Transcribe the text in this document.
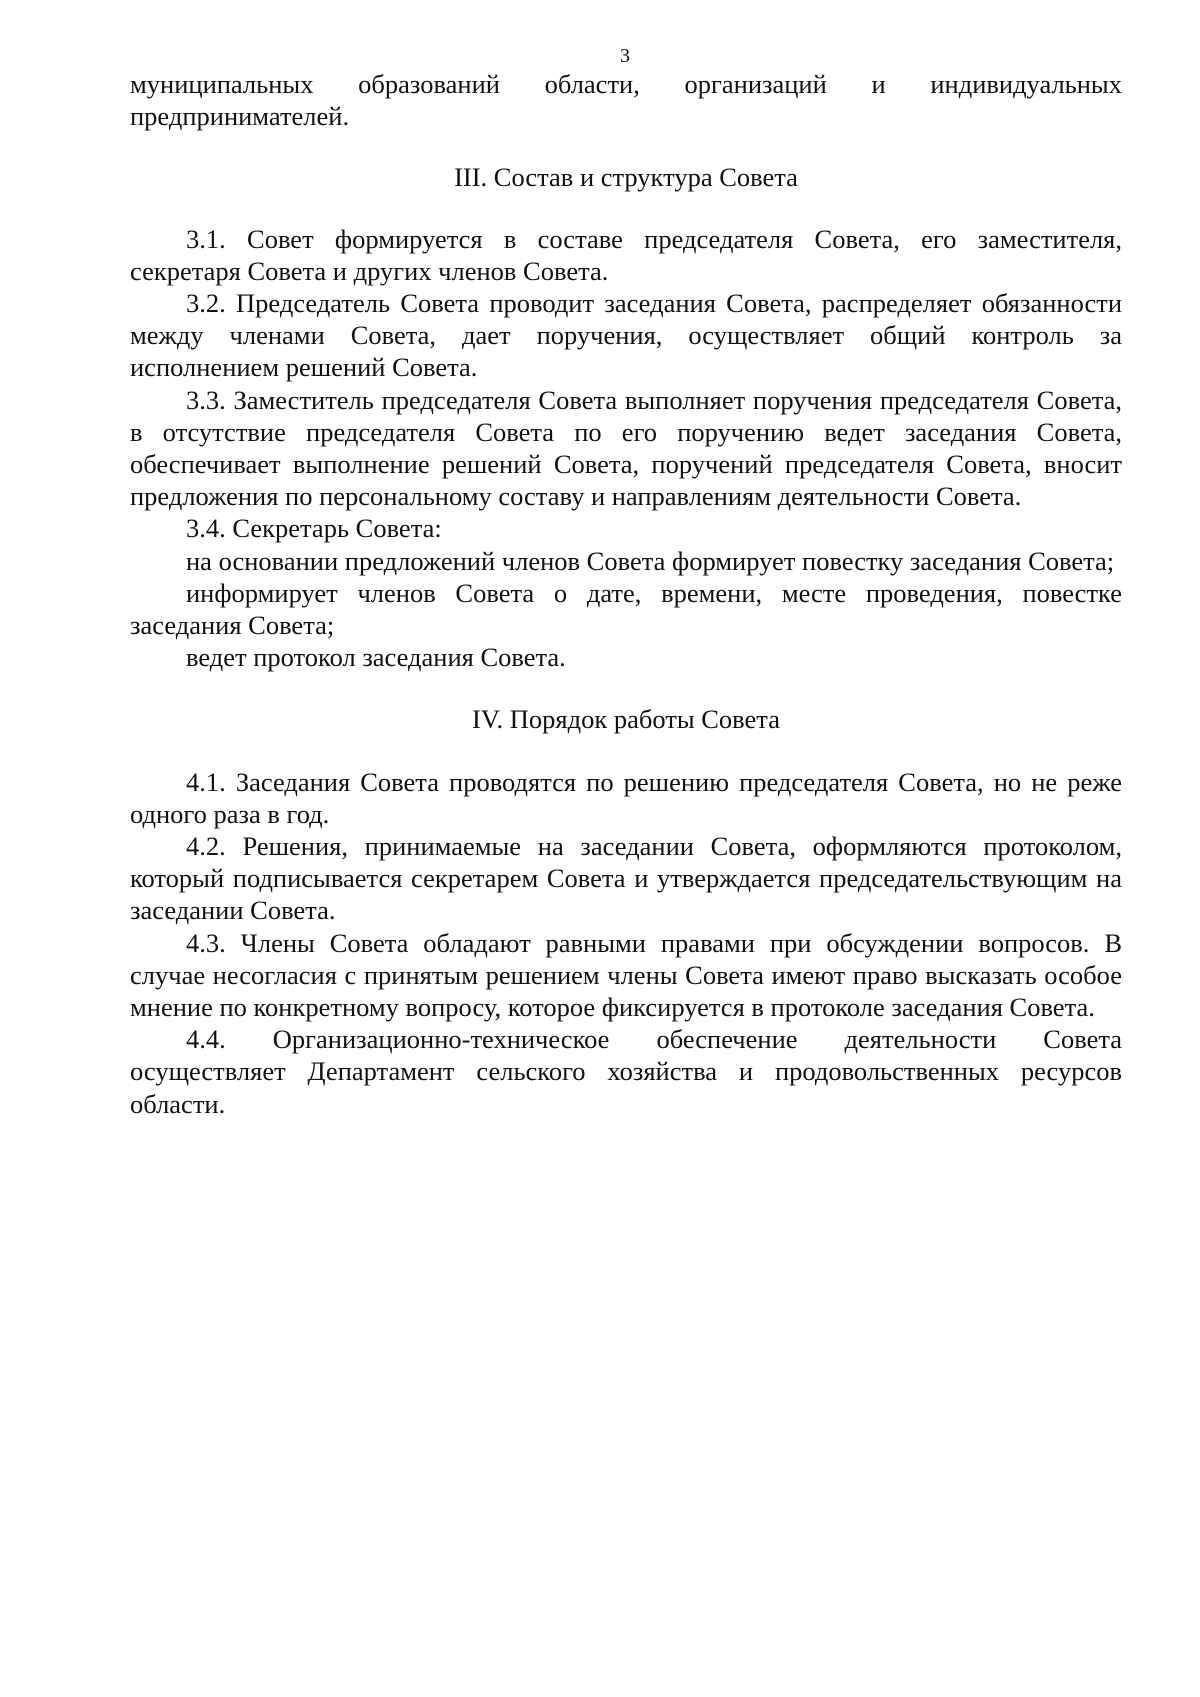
3

муниципальных образований области, организаций и индивидуальных предпринимателей.

III. Состав и структура Совета

3.1. Совет формируется в составе председателя Совета, его заместителя, секретаря Совета и других членов Совета.

3.2. Председатель Совета проводит заседания Совета, распределяет обязанности между членами Совета, дает поручения, осуществляет общий контроль за исполнением решений Совета.

3.3. Заместитель председателя Совета выполняет поручения председателя Совета, в отсутствие председателя Совета по его поручению ведет заседания Совета, обеспечивает выполнение решений Совета, поручений председателя Совета, вносит предложения по персональному составу и направлениям деятельности Совета.

3.4. Секретарь Совета:

на основании предложений членов Совета формирует повестку заседания Совета;

информирует членов Совета о дате, времени, месте проведения, повестке заседания Совета;

ведет протокол заседания Совета.

IV. Порядок работы Совета

4.1. Заседания Совета проводятся по решению председателя Совета, но не реже одного раза в год.

4.2. Решения, принимаемые на заседании Совета, оформляются протоколом, который подписывается секретарем Совета и утверждается председательствующим на заседании Совета.

4.3. Члены Совета обладают равными правами при обсуждении вопросов. В случае несогласия с принятым решением члены Совета имеют право высказать особое мнение по конкретному вопросу, которое фиксируется в протоколе заседания Совета.

4.4. Организационно-техническое обеспечение деятельности Совета осуществляет Департамент сельского хозяйства и продовольственных ресурсов области.
